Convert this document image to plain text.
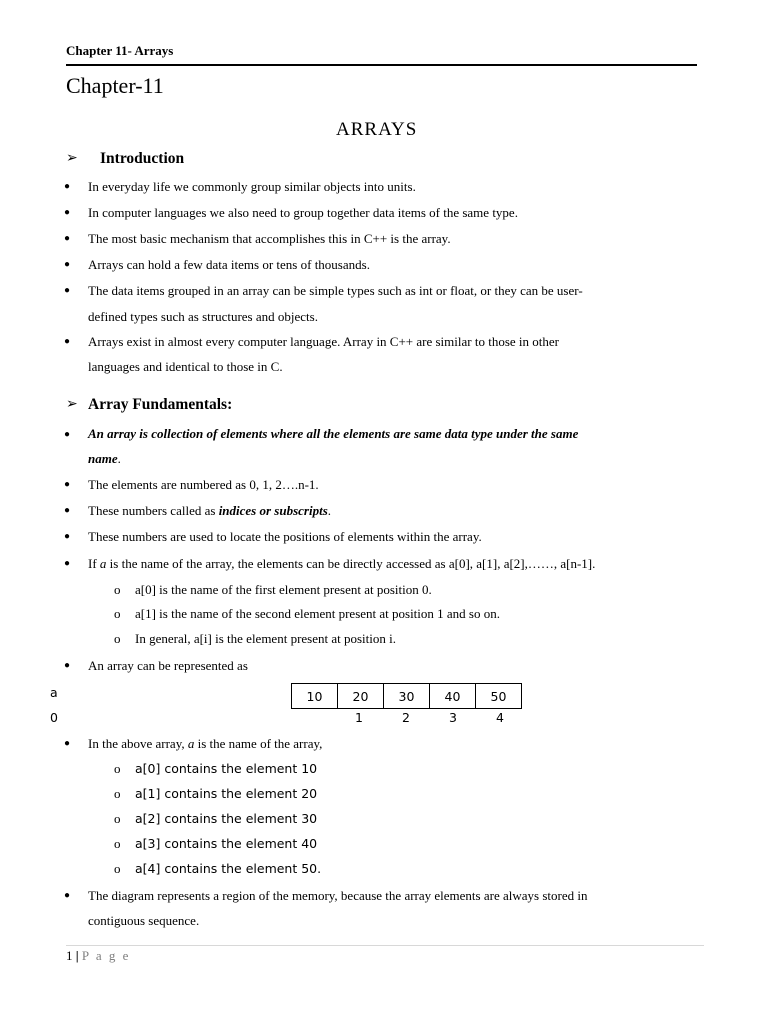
Chapter 11- Arrays
Chapter-11
ARRAYS
➢ Introduction
● In everyday life we commonly group similar objects into units.
● In computer languages we also need to group together data items of the same type.
● The most basic mechanism that accomplishes this in C++ is the array.
● Arrays can hold a few data items or tens of thousands.
● The data items grouped in an array can be simple types such as int or float, or they can be user-
defined types such as structures and objects.
● Arrays exist in almost every computer language. Array in C++ are similar to those in other
languages and identical to those in C.
➢ Array Fundamentals:
● An array is collection of elements where all the elements are same data type under the same
name.
● The elements are numbered as 0, 1, 2….n-1.
● These numbers called as indices or subscripts.
● These numbers are used to locate the positions of elements within the array.
● If a is the name of the array, the elements can be directly accessed as a[0], a[1], a[2],……, a[n-1].
o a[0] is the name of the first element present at position 0.
o a[1] is the name of the second element present at position 1 and so on.
o In general, a[i] is the element present at position i.
● An array can be represented as
a	10	20	30	40	50
0	1	2	3	4
● In the above array, a is the name of the array,
o a[0] contains the element 10
o a[1] contains the element 20
o a[2] contains the element 30
o a[3] contains the element 40
o a[4] contains the element 50.
● The diagram represents a region of the memory, because the array elements are always stored in
contiguous sequence.
1 | P a g e
